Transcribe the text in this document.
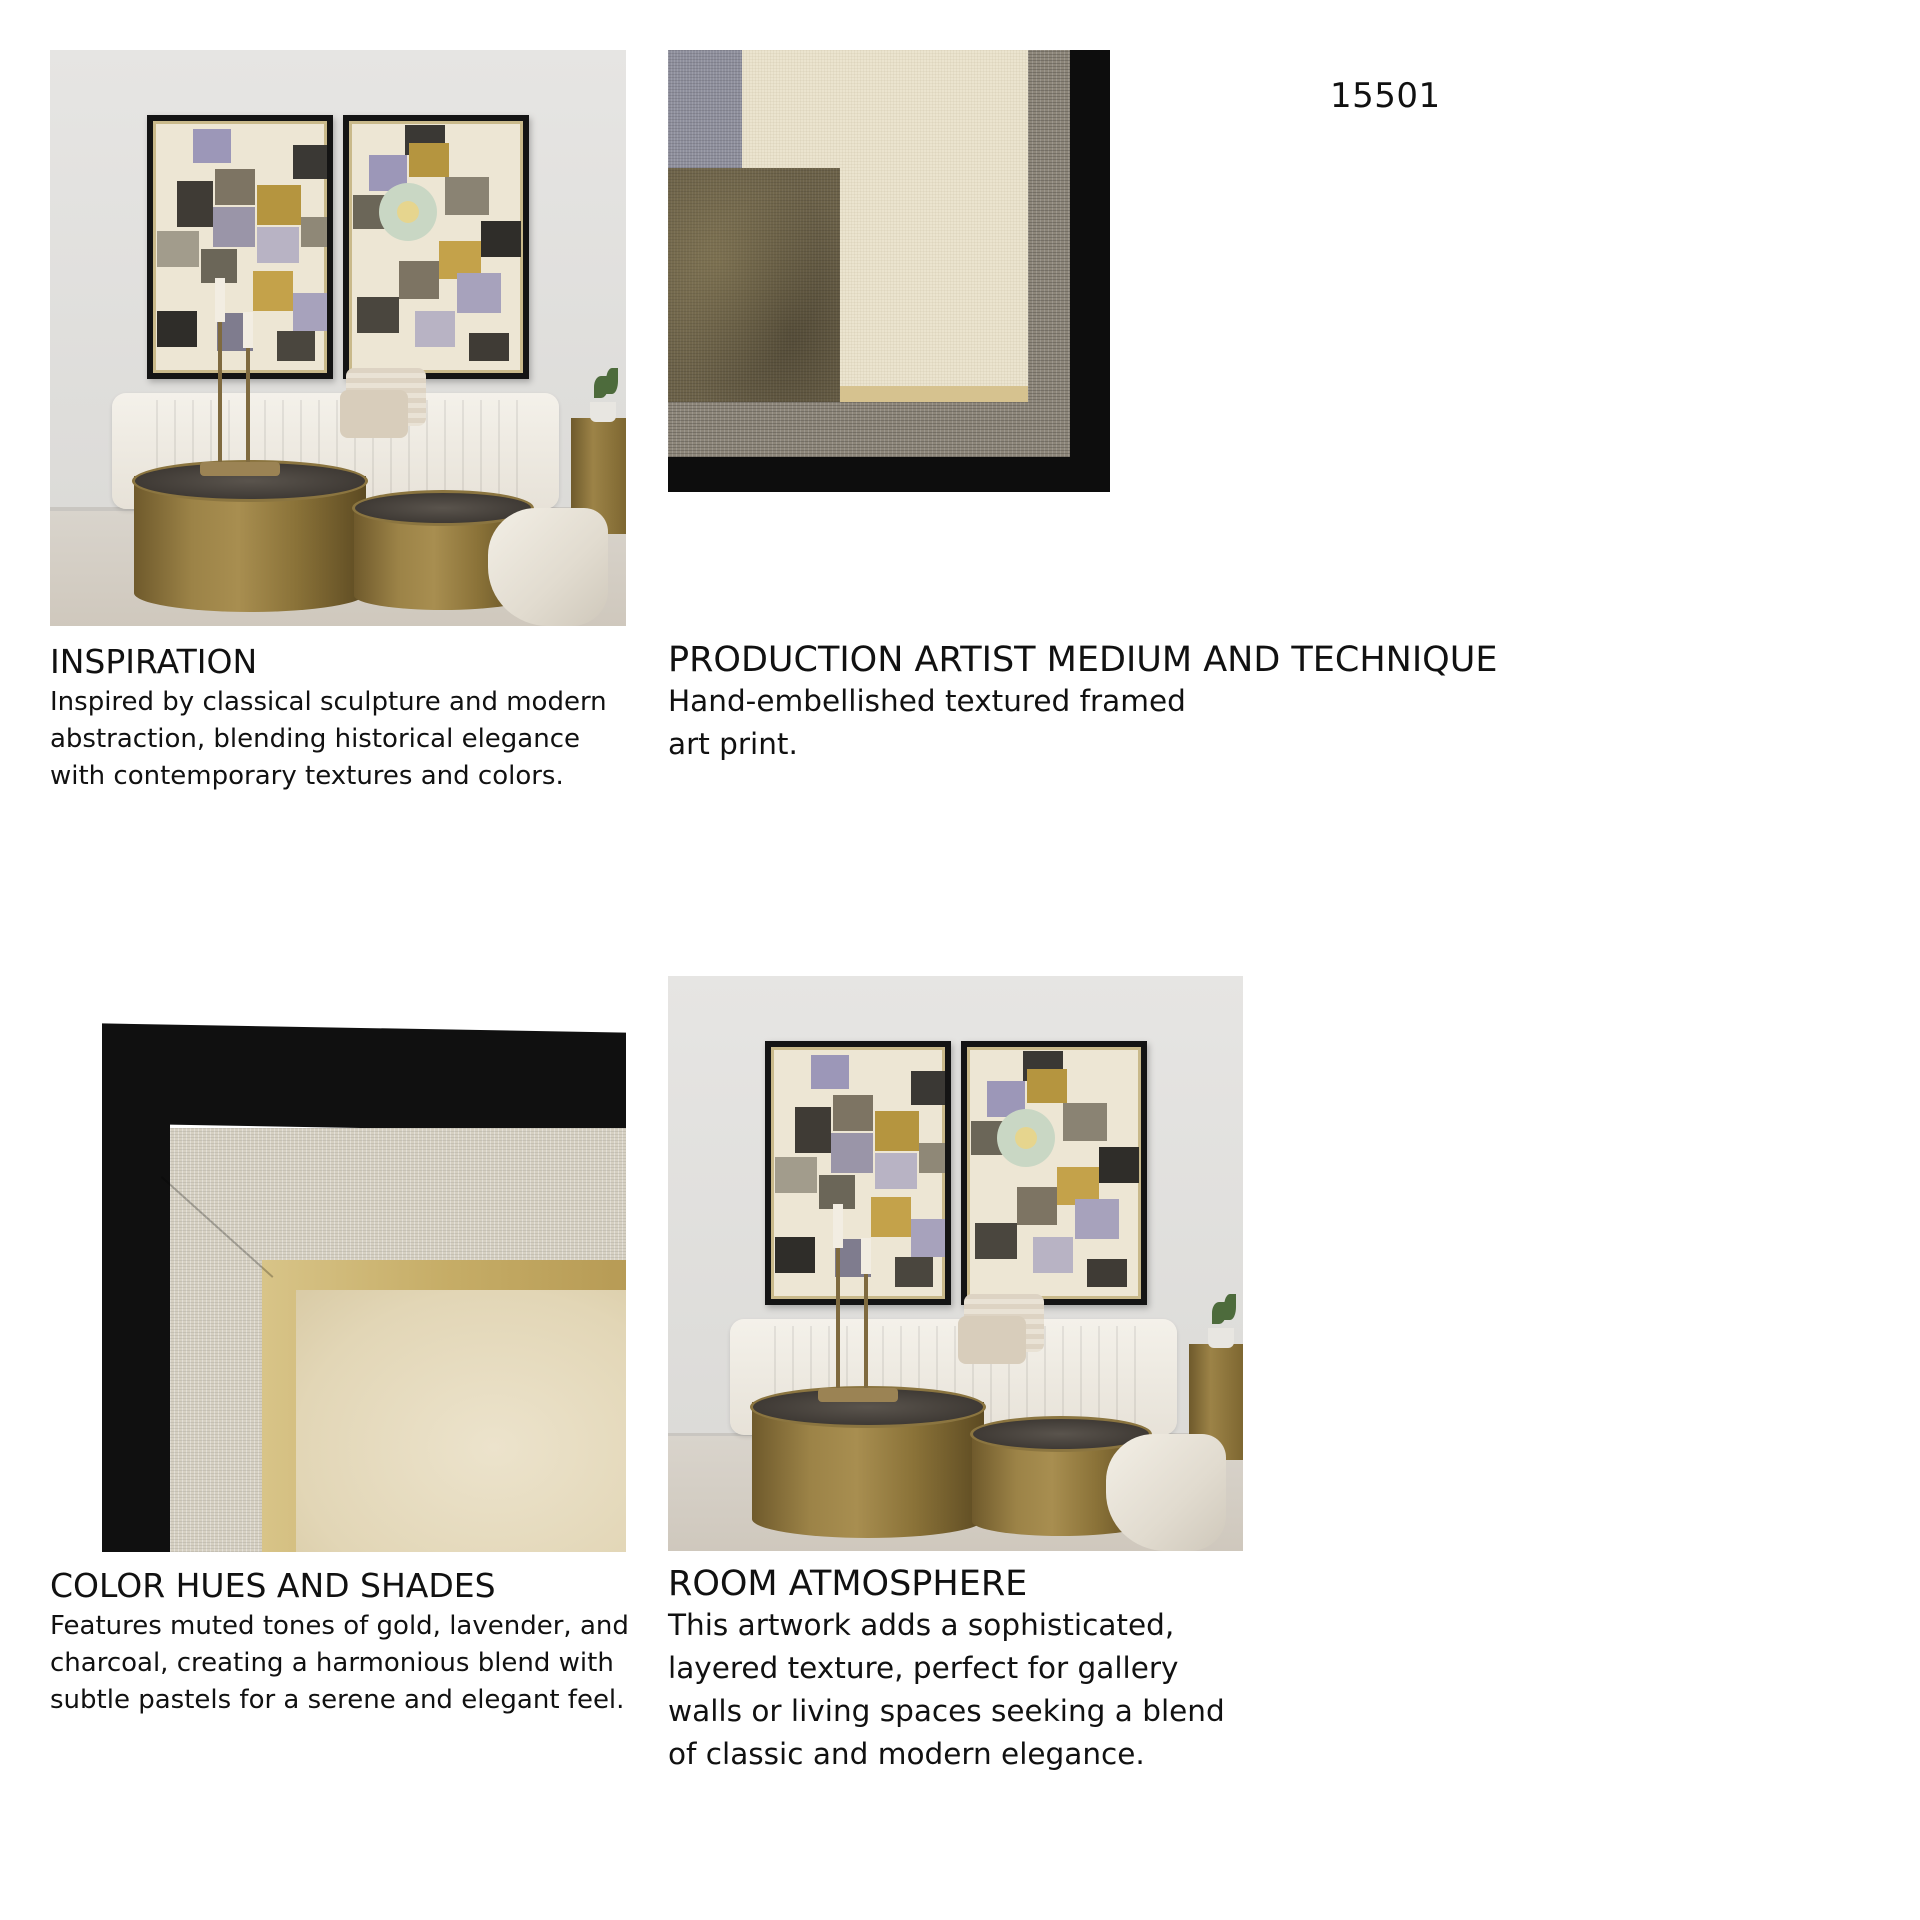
15501
INSPIRATION
Inspired by classical sculpture and modern abstraction, blending historical elegance with contemporary textures and colors.
PRODUCTION ARTIST MEDIUM AND TECHNIQUE
Hand-embellished textured framed art print.
COLOR HUES AND SHADES
Features muted tones of gold, lavender, and charcoal, creating a harmonious blend with subtle pastels for a serene and elegant feel.
ROOM ATMOSPHERE
This artwork adds a sophisticated, layered texture, perfect for gallery walls or living spaces seeking a blend of classic and modern elegance.
